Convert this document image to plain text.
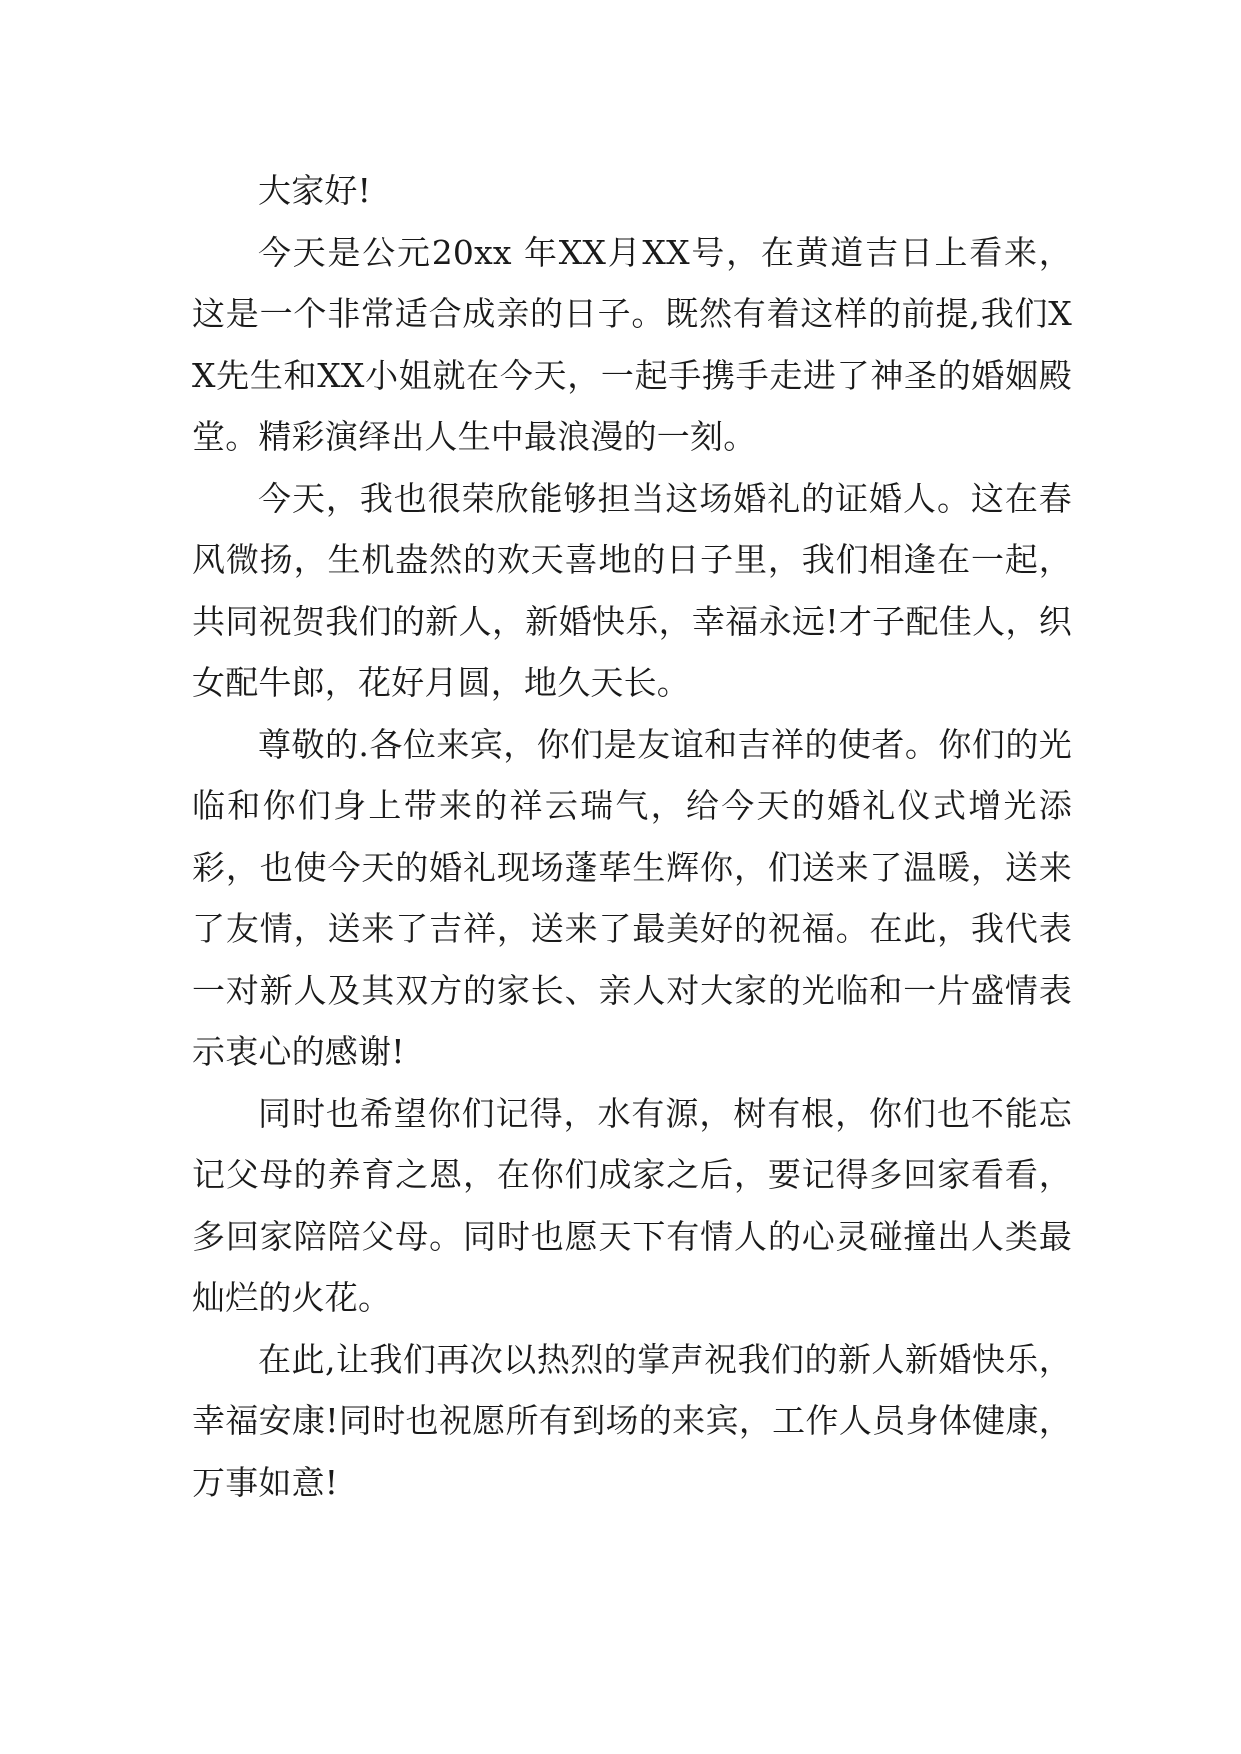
大家好!

今天是公元20xx 年XX月XX号，在黄道吉日上看来，这是一个非常适合成亲的日子。既然有着这样的前提,我们XX先生和XX小姐就在今天，一起手携手走进了神圣的婚姻殿堂。精彩演绎出人生中最浪漫的一刻。

今天，我也很荣欣能够担当这场婚礼的证婚人。这在春风微扬，生机盎然的欢天喜地的日子里，我们相逢在一起，共同祝贺我们的新人，新婚快乐，幸福永远!才子配佳人，织女配牛郎，花好月圆，地久天长。

尊敬的.各位来宾，你们是友谊和吉祥的使者。你们的光临和你们身上带来的祥云瑞气，给今天的婚礼仪式增光添彩，也使今天的婚礼现场蓬荜生辉你，们送来了温暖，送来了友情，送来了吉祥，送来了最美好的祝福。在此，我代表一对新人及其双方的家长、亲人对大家的光临和一片盛情表示衷心的感谢!

同时也希望你们记得，水有源，树有根，你们也不能忘记父母的养育之恩，在你们成家之后，要记得多回家看看，多回家陪陪父母。同时也愿天下有情人的心灵碰撞出人类最灿烂的火花。

在此,让我们再次以热烈的掌声祝我们的新人新婚快乐，幸福安康!同时也祝愿所有到场的来宾，工作人员身体健康，万事如意!
